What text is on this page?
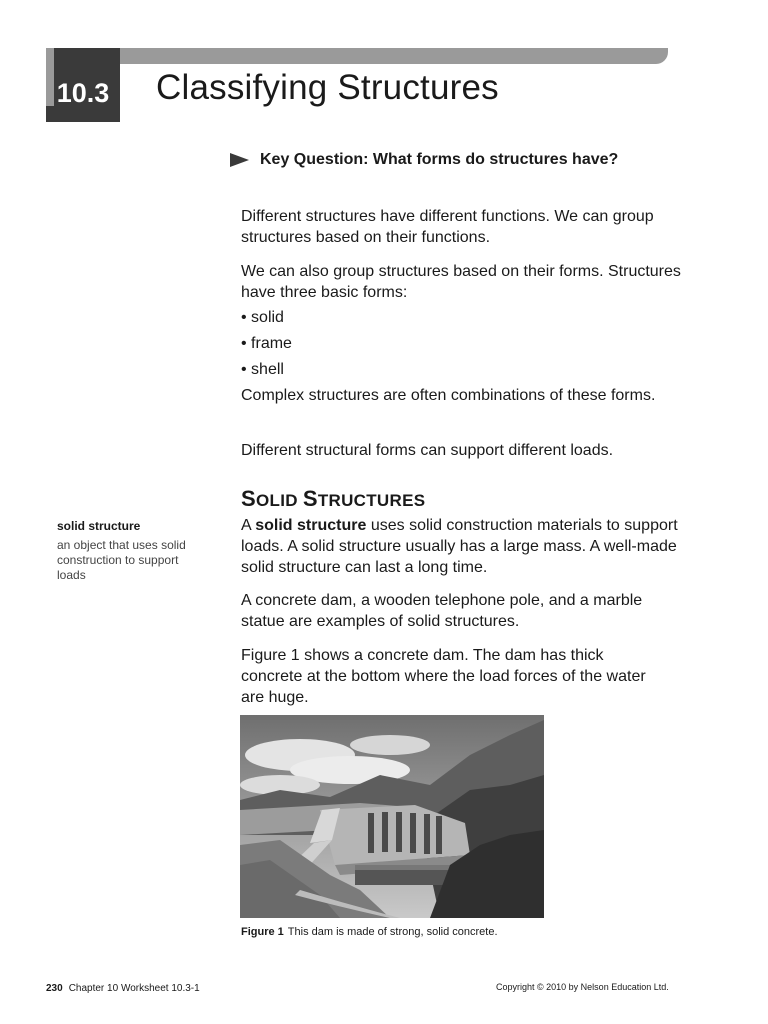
10.3	Classifying Structures
Key Question: What forms do structures have?
Different structures have different functions. We can group structures based on their functions.
We can also group structures based on their forms. Structures have three basic forms:
• solid
• frame
• shell
Complex structures are often combinations of these forms.
Different structural forms can support different loads.
SOLID STRUCTURES
solid structure
an object that uses solid construction to support loads
A solid structure uses solid construction materials to support loads. A solid structure usually has a large mass. A well-made solid structure can last a long time.
A concrete dam, a wooden telephone pole, and a marble statue are examples of solid structures.
Figure 1 shows a concrete dam. The dam has thick concrete at the bottom where the load forces of the water are huge.
Figure 1 This dam is made of strong, solid concrete.
230 Chapter 10 Worksheet 10.3-1	Copyright © 2010 by Nelson Education Ltd.
